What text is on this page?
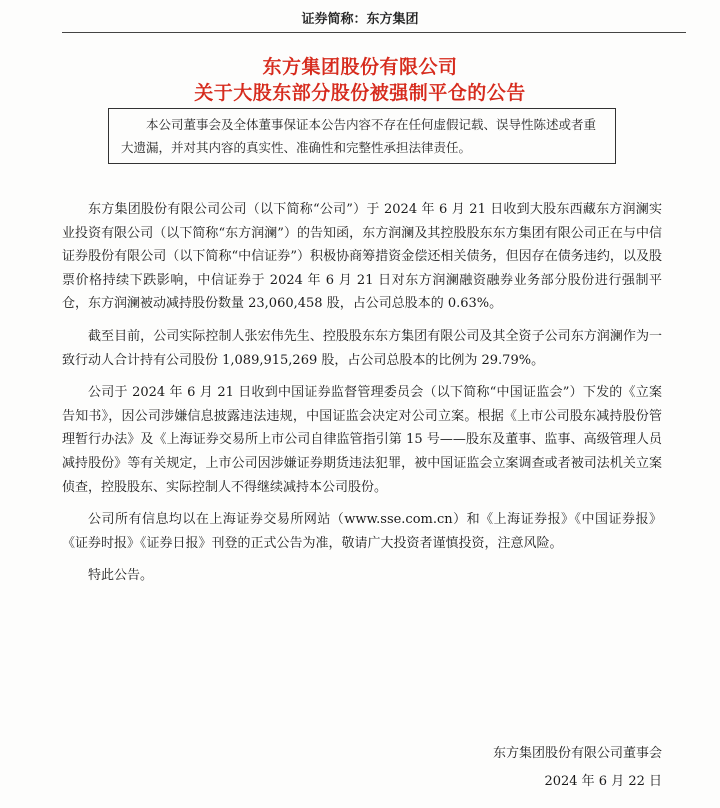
证券简称：东方集团
东方集团股份有限公司
关于大股东部分股份被强制平仓的公告
本公司董事会及全体董事保证本公告内容不存在任何虚假记载、误导性陈述或者重大遗漏，并对其内容的真实性、准确性和完整性承担法律责任。

东方集团股份有限公司公司（以下简称“公司”）于 2024 年 6 月 21 日收到大股东西藏东方润澜实业投资有限公司（以下简称“东方润澜”）的告知函，东方润澜及其控股股东东方集团有限公司正在与中信证券股份有限公司（以下简称“中信证券”）积极协商筹措资金偿还相关债务，但因存在债务违约，以及股票价格持续下跌影响，中信证券于 2024 年 6 月 21 日对东方润澜融资融券业务部分股份进行强制平仓，东方润澜被动减持股份数量 23,060,458 股，占公司总股本的 0.63%。

截至目前，公司实际控制人张宏伟先生、控股股东东方集团有限公司及其全资子公司东方润澜作为一致行动人合计持有公司股份 1,089,915,269 股，占公司总股本的比例为 29.79%。

公司于 2024 年 6 月 21 日收到中国证券监督管理委员会（以下简称“中国证监会”）下发的《立案告知书》，因公司涉嫌信息披露违法违规，中国证监会决定对公司立案。根据《上市公司股东减持股份管理暂行办法》及《上海证券交易所上市公司自律监管指引第 15 号——股东及董事、监事、高级管理人员减持股份》等有关规定，上市公司因涉嫌证券期货违法犯罪，被中国证监会立案调查或者被司法机关立案侦查，控股股东、实际控制人不得继续减持本公司股份。

公司所有信息均以在上海证券交易所网站（www.sse.com.cn）和《上海证券报》《中国证券报》《证券时报》《证券日报》刊登的正式公告为准，敬请广大投资者谨慎投资，注意风险。

特此公告。

东方集团股份有限公司董事会
2024 年 6 月 22 日
